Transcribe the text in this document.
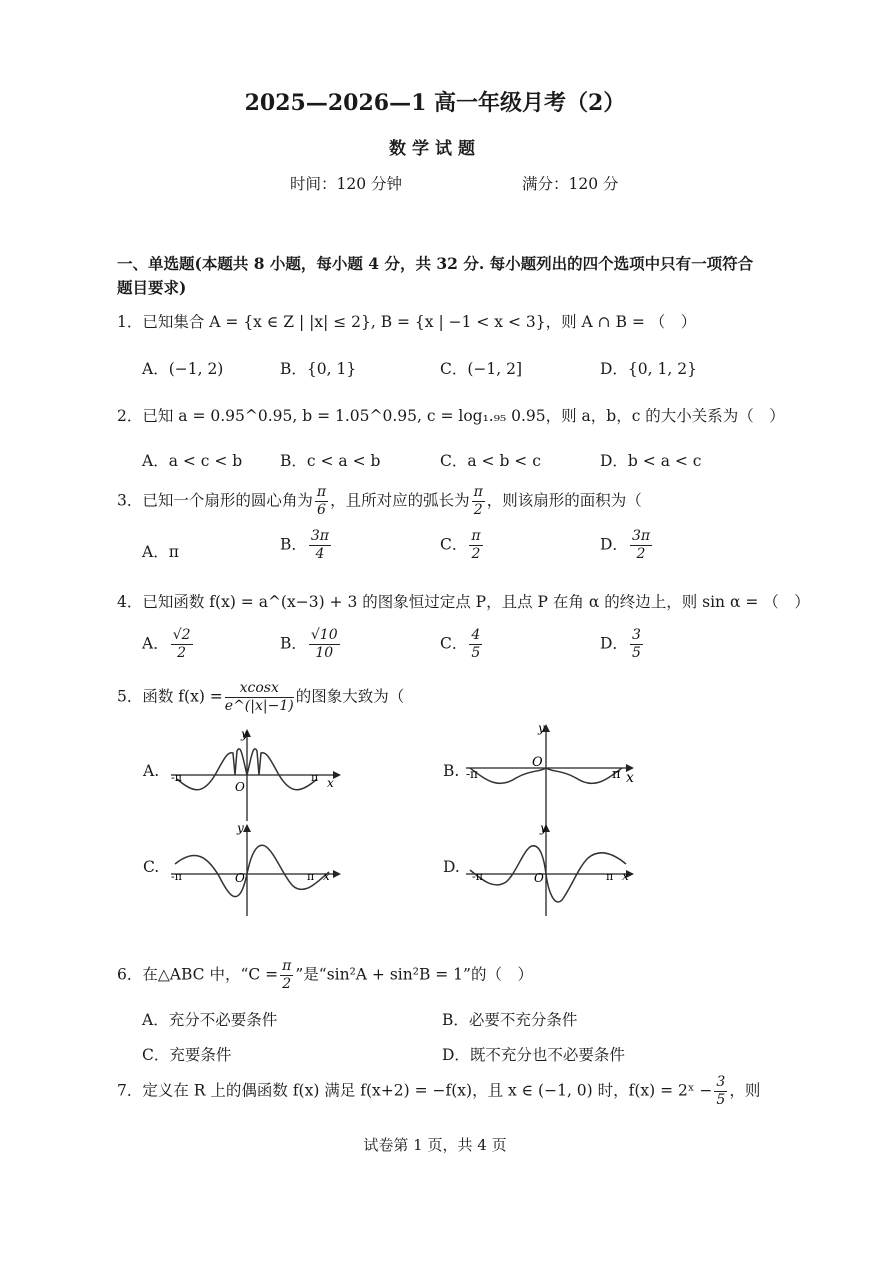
2025—2026—1 高一年级月考（2）
数学试题
时间：120 分钟	满分：120 分
一、单选题(本题共 8 小题，每小题 4 分，共 32 分. 每小题列出的四个选项中只有一项符合
题目要求)
1．已知集合 A = {x ∈ Z | |x| ≤ 2}, B = {x | −1 < x < 3}，则 A ∩ B = （　）
A．(−1, 2)	B．{0, 1}	C．(−1, 2]	D．{0, 1, 2}
2．已知 a = 0.95^0.95, b = 1.05^0.95, c = log₁.₉₅ 0.95，则 a，b，c 的大小关系为（　）
A．a < c < b B．c < a < b	C．a < b < c	D．b < a < c
3．已知一个扇形的圆心角为 $\frac{\pi}{6}$ ，且所对应的弧长为 $\frac{\pi}{2}$ ，则该扇形的面积为（
A．π	B． $\frac{3\pi}{4}$	C． $\frac{\pi}{2}$	D． $\frac{3\pi}{2}$
4．已知函数 f(x) = a^(x−3) + 3 的图象恒过定点 P，且点 P 在角 α 的终边上，则 sin α = （　）
A． $\frac{√2}{2}$	B． $\frac{√10}{10}$	C． $\frac{4}{5}$	D． $\frac{3}{5}$
5．函数 $f(x) = \frac{xcosx}{e\^{}(|x|-1)}$ 的图象大致为（
A.
y
x
O
-π	π	B.
y
x
O
-π	π
C.
y
x
O
-π	π
D.
y
x
O
-π	π
6．在△ABC 中，“$C = \frac{\pi}{2}$ ”是“sin²A + sin²B = 1”的（　）
A．充分不必要条件	B．必要不充分条件
C．充要条件	D．既不充分也不必要条件
7．定义在 R 上的偶函数 f(x) 满足 f(x+2) = −f(x)，且 x ∈ (−1, 0) 时，f(x) = 2ˣ − $\frac{3}{5}$ ，则
试卷第 1 页，共 4 页
